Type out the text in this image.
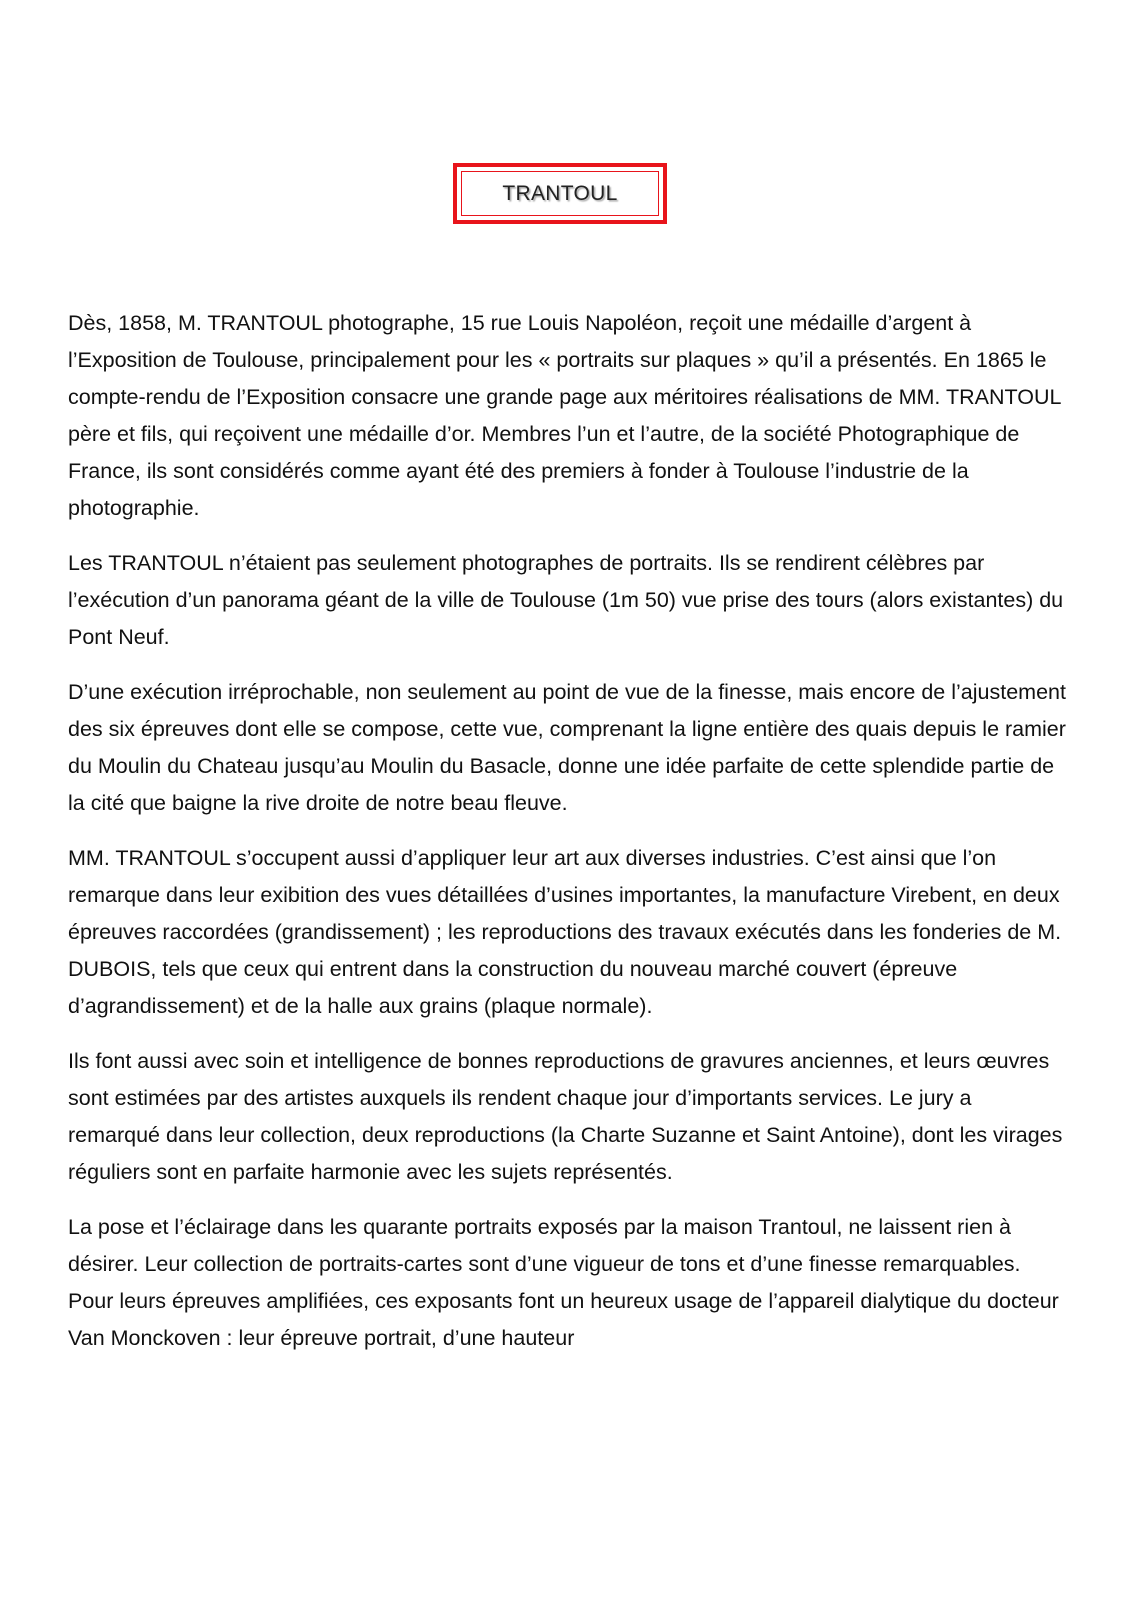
TRANTOUL

Dès, 1858, M. TRANTOUL photographe, 15 rue Louis Napoléon, reçoit une médaille d’argent à l’Exposition de Toulouse, principalement pour les « portraits sur plaques » qu’il a présentés. En 1865 le compte-rendu de l’Exposition consacre une grande page aux méritoires réalisations de MM. TRANTOUL père et fils, qui reçoivent une médaille d’or. Membres l’un et l’autre, de la société Photographique de France, ils sont considérés comme ayant été des premiers à fonder à Toulouse l’industrie de la photographie.

Les TRANTOUL n’étaient pas seulement photographes de portraits. Ils se rendirent célèbres par l’exécution d’un panorama géant de la ville de Toulouse (1m 50) vue prise des tours (alors existantes) du Pont Neuf.

D’une exécution irréprochable, non seulement au point de vue de la finesse, mais encore de l’ajustement des six épreuves dont elle se compose, cette vue, comprenant la ligne entière des quais depuis le ramier du Moulin du Chateau jusqu’au Moulin du Basacle, donne une idée parfaite de cette splendide partie de la cité que baigne la rive droite de notre beau fleuve.

MM. TRANTOUL s’occupent aussi d’appliquer leur art aux diverses industries. C’est ainsi que l’on remarque dans leur exibition des vues détaillées d’usines importantes, la manufacture Virebent, en deux épreuves raccordées (grandissement) ; les reproductions des travaux exécutés dans les fonderies de M. DUBOIS, tels que ceux qui entrent dans la construction du nouveau marché couvert (épreuve d’agrandissement) et de la halle aux grains (plaque normale).

Ils font aussi avec soin et intelligence de bonnes reproductions de gravures anciennes, et leurs œuvres sont estimées par des artistes auxquels ils rendent chaque jour d’importants services. Le jury a remarqué dans leur collection, deux reproductions (la Charte Suzanne et Saint Antoine), dont les virages réguliers sont en parfaite harmonie avec les sujets représentés.

La pose et l’éclairage dans les quarante portraits exposés par la maison Trantoul, ne laissent rien à désirer. Leur collection de portraits-cartes sont d’une vigueur de tons et d’une finesse remarquables. Pour leurs épreuves amplifiées, ces exposants font un heureux usage de l’appareil dialytique du docteur Van Monckoven : leur épreuve portrait, d’une hauteur
